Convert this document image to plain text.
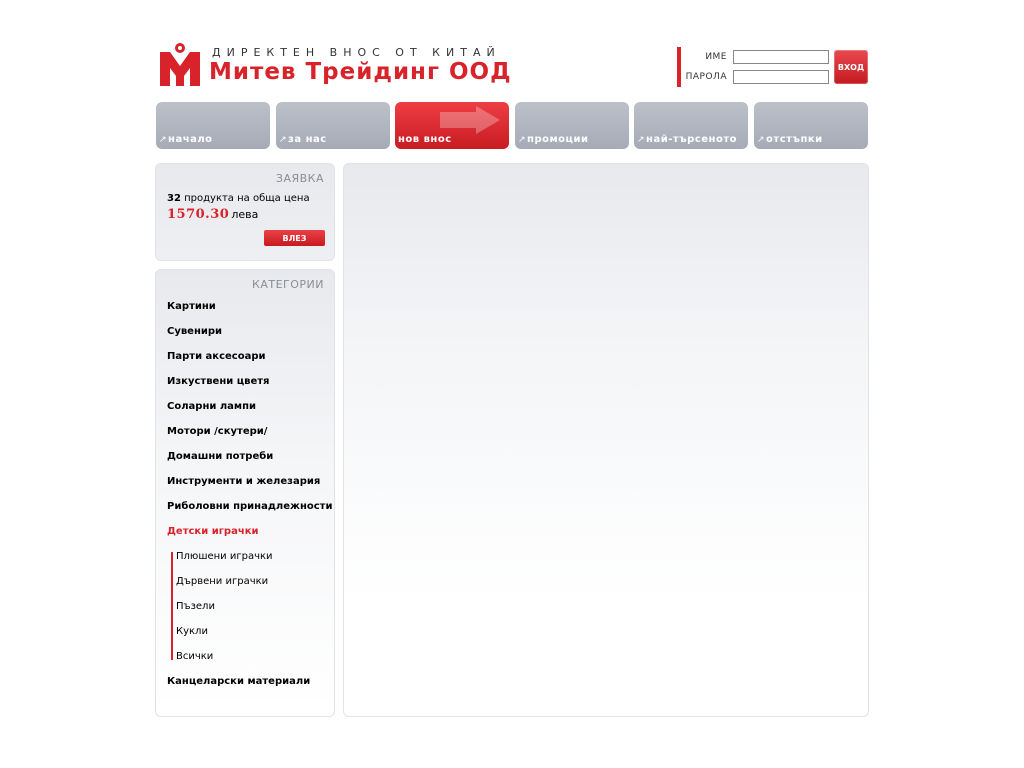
ДИРЕКТЕН ВНОС ОТ КИТАЙ
Митев Трейдинг ООД
ИМЕ
ПАРОЛА
ВХОД
↗начало	↗за нас	нов внос	↗промоции	↗най-търсеното ↗отстъпки
ЗАЯВКА
32 продукта на обща цена
1570.30 лева
ВЛЕЗ
КАТЕГОРИИ
Картини
Сувенири
Парти аксесоари
Изкуствени цветя
Соларни лампи
Мотори /скутери/
Домашни потреби
Инструменти и железария
Риболовни принадлежности
Детски играчки
Плюшени играчки
Дървени играчки
Пъзели
Кукли
Всички
Канцеларски материали
